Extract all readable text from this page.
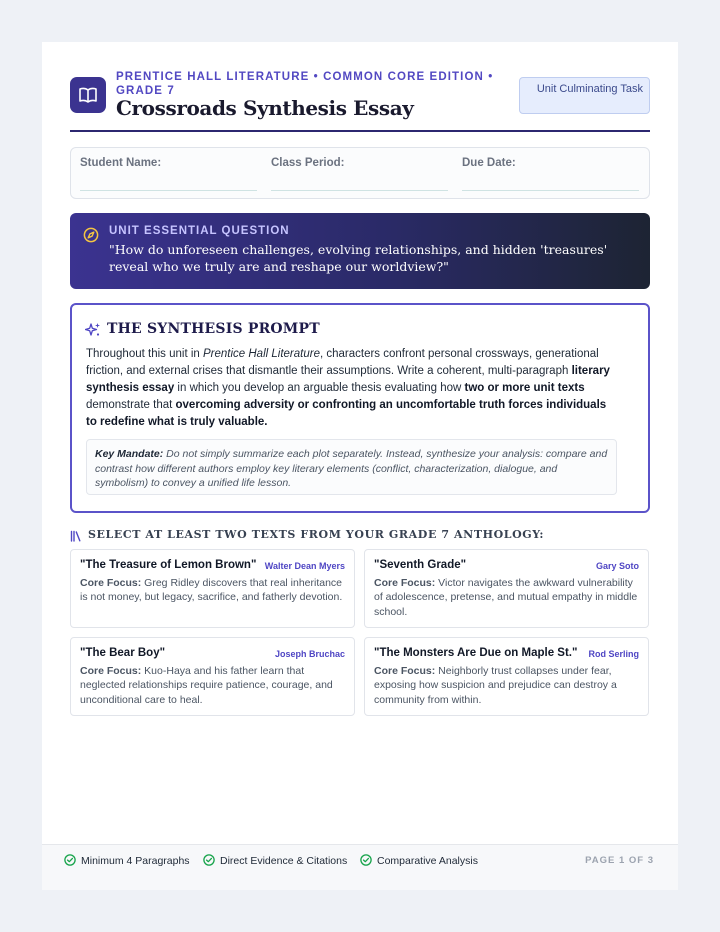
PRENTICE HALL LITERATURE • COMMON CORE EDITION • GRADE 7
Crossroads Synthesis Essay
Unit Culminating Task
Student Name:	Class Period:	Due Date:
UNIT ESSENTIAL QUESTION
"How do unforeseen challenges, evolving relationships, and hidden 'treasures' reveal who we truly are and reshape our worldview?"
THE SYNTHESIS PROMPT
Throughout this unit in Prentice Hall Literature, characters confront personal crossways, generational friction, and external crises that dismantle their assumptions. Write a coherent, multi-paragraph literary synthesis essay in which you develop an arguable thesis evaluating how two or more unit texts demonstrate that overcoming adversity or confronting an uncomfortable truth forces individuals to redefine what is truly valuable.
Key Mandate: Do not simply summarize each plot separately. Instead, synthesize your analysis: compare and contrast how different authors employ key literary elements (conflict, characterization, dialogue, and symbolism) to convey a unified life lesson.
SELECT AT LEAST TWO TEXTS FROM YOUR GRADE 7 ANTHOLOGY:
"The Treasure of Lemon Brown" Walter Dean Myers
Core Focus: Greg Ridley discovers that real inheritance is not money, but legacy, sacrifice, and fatherly devotion.
"Seventh Grade"	Gary Soto
Core Focus: Victor navigates the awkward vulnerability of adolescence, pretense, and mutual empathy in middle school.
"The Bear Boy"	Joseph Bruchac
Core Focus: Kuo-Haya and his father learn that neglected relationships require patience, courage, and unconditional care to heal.
"The Monsters Are Due on Maple St." Rod Serling
Core Focus: Neighborly trust collapses under fear, exposing how suspicion and prejudice can destroy a community from within.
Minimum 4 Paragraphs	Direct Evidence & Citations	Comparative Analysis	PAGE 1 OF 3
